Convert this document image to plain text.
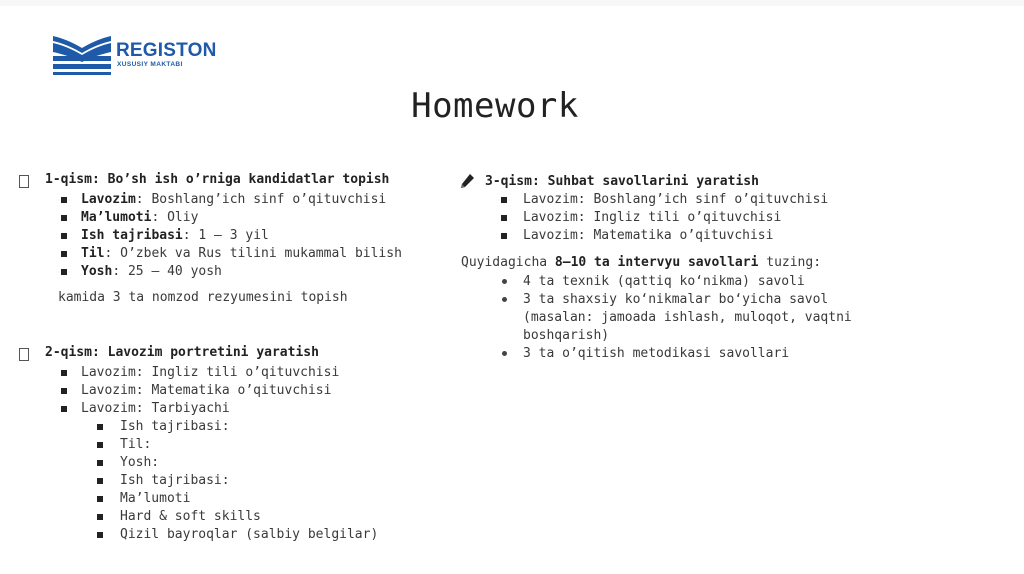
REGISTON
XUSUSIY MAKTABI
Homework
1-qism: Bo’sh ish o’rniga kandidatlar topish
Lavozim: Boshlang’ich sinf o’qituvchisi
Ma’lumoti: Oliy
Ish tajribasi: 1 – 3 yil
Til: O’zbek va Rus tilini mukammal bilish
Yosh: 25 – 40 yosh
kamida 3 ta nomzod rezyumesini topish
2-qism: Lavozim portretini yaratish
Lavozim: Ingliz tili o’qituvchisi
Lavozim: Matematika o’qituvchisi
Lavozim: Tarbiyachi
Ish tajribasi:
Til:
Yosh:
Ish tajribasi:
Ma’lumoti
Hard & soft skills
Qizil bayroqlar (salbiy belgilar)
3-qism: Suhbat savollarini yaratish
Lavozim: Boshlang’ich sinf o’qituvchisi
Lavozim: Ingliz tili o’qituvchisi
Lavozim: Matematika o’qituvchisi
Quyidagicha 8–10 ta intervyu savollari tuzing:
4 ta texnik (qattiq ko‘nikma) savoli
3 ta shaxsiy ko‘nikmalar bo‘yicha savol
(masalan: jamoada ishlash, muloqot, vaqtni
boshqarish)
3 ta o’qitish metodikasi savollari
